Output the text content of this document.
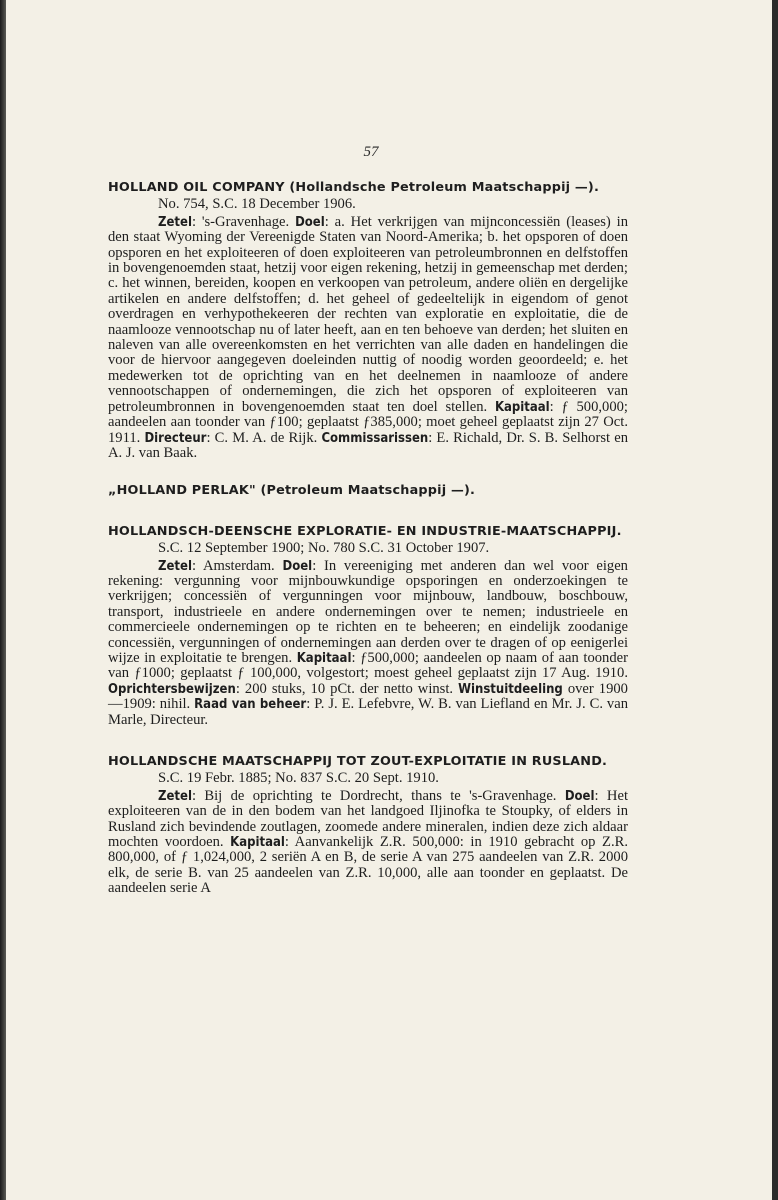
57

HOLLAND OIL COMPANY (Hollandsche Petroleum Maatschappij —).

No. 754, S.C. 18 December 1906.

Zetel: 's-Gravenhage. Doel: a. Het verkrijgen van mijnconcessiën (leases) in den staat Wyoming der Vereenigde Staten van Noord-Amerika; b. het opsporen of doen opsporen en het exploiteeren of doen exploiteeren van petroleumbronnen en delfstoffen in bovengenoemden staat, hetzij voor eigen rekening, hetzij in gemeenschap met derden; c. het winnen, bereiden, koopen en verkoopen van petroleum, andere oliën en dergelijke artikelen en andere delfstoffen; d. het geheel of gedeeltelijk in eigendom of genot overdragen en verhypothekeeren der rechten van exploratie en exploitatie, die de naamlooze vennootschap nu of later heeft, aan en ten behoeve van derden; het sluiten en naleven van alle overeenkomsten en het verrichten van alle daden en handelingen die voor de hiervoor aangegeven doeleinden nuttig of noodig worden geoordeeld; e. het medewerken tot de oprichting van en het deelnemen in naamlooze of andere vennootschappen of ondernemingen, die zich het opsporen of exploiteeren van petroleumbronnen in bovengenoemden staat ten doel stellen. Kapitaal: ƒ 500,000; aandeelen aan toonder van ƒ100; geplaatst ƒ385,000; moet geheel geplaatst zijn 27 Oct. 1911. Directeur: C. M. A. de Rijk. Commissarissen: E. Richald, Dr. S. B. Selhorst en A. J. van Baak.

„HOLLAND PERLAK" (Petroleum Maatschappij —).

HOLLANDSCH-DEENSCHE EXPLORATIE- EN INDUSTRIE-MAATSCHAPPIJ.

S.C. 12 September 1900; No. 780 S.C. 31 October 1907.

Zetel: Amsterdam. Doel: In vereeniging met anderen dan wel voor eigen rekening: vergunning voor mijnbouwkundige opsporingen en onderzoekingen te verkrijgen; concessiën of vergunningen voor mijnbouw, landbouw, boschbouw, transport, industrieele en andere ondernemingen over te nemen; industrieele en commercieele ondernemingen op te richten en te beheeren; en eindelijk zoodanige concessiën, vergunningen of ondernemingen aan derden over te dragen of op eenigerlei wijze in exploitatie te brengen. Kapitaal: ƒ500,000; aandeelen op naam of aan toonder van ƒ1000; geplaatst ƒ 100,000, volgestort; moest geheel geplaatst zijn 17 Aug. 1910. Oprichtersbewijzen: 200 stuks, 10 pCt. der netto winst. Winstuitdeeling over 1900—1909: nihil. Raad van beheer: P. J. E. Lefebvre, W. B. van Liefland en Mr. J. C. van Marle, Directeur.

HOLLANDSCHE MAATSCHAPPIJ TOT ZOUT-EXPLOITATIE IN RUSLAND.

S.C. 19 Febr. 1885; No. 837 S.C. 20 Sept. 1910.

Zetel: Bij de oprichting te Dordrecht, thans te 's-Gravenhage. Doel: Het exploiteeren van de in den bodem van het landgoed Iljinofka te Stoupky, of elders in Rusland zich bevindende zoutlagen, zoomede andere mineralen, indien deze zich aldaar mochten voordoen. Kapitaal: Aanvankelijk Z.R. 500,000: in 1910 gebracht op Z.R. 800,000, of ƒ 1,024,000, 2 seriën A en B, de serie A van 275 aandeelen van Z.R. 2000 elk, de serie B. van 25 aandeelen van Z.R. 10,000, alle aan toonder en geplaatst. De aandeelen serie A
